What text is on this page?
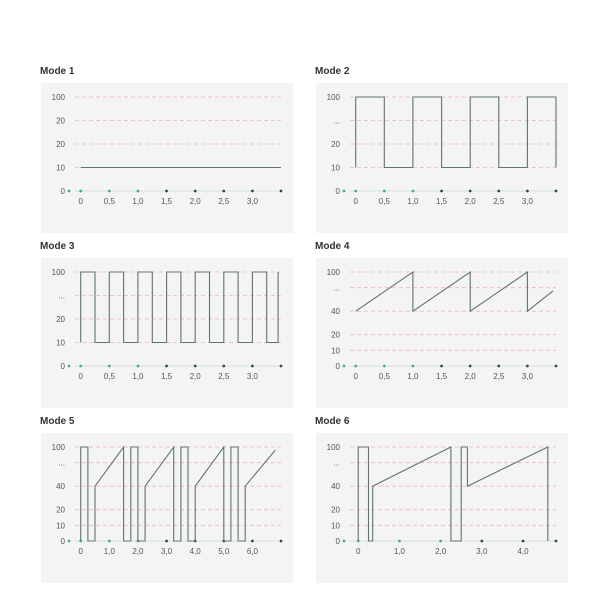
Mode 1
0
10
20
20
100
0	0,5 1,0 1,5 2,0 2,5 3,0
Mode 2
0
10
20
...
100
0	0,5 1,0 1,5 2,0 2,5 3,0
Mode 3
0
10
20
...
100
0	0,5 1,0 1,5 2,0 2,5 3,0
Mode 4
0
10
20
40
...
100
0	0,5 1,0 1,5 2,0 2,5 3,0
Mode 5
0
10
20
40
...
100
0	1,0 2,0 3,0 4,0 5,0 6,0
Mode 6
0
10
20
40
...
100
0	1,0	2,0	3,0	4,0
